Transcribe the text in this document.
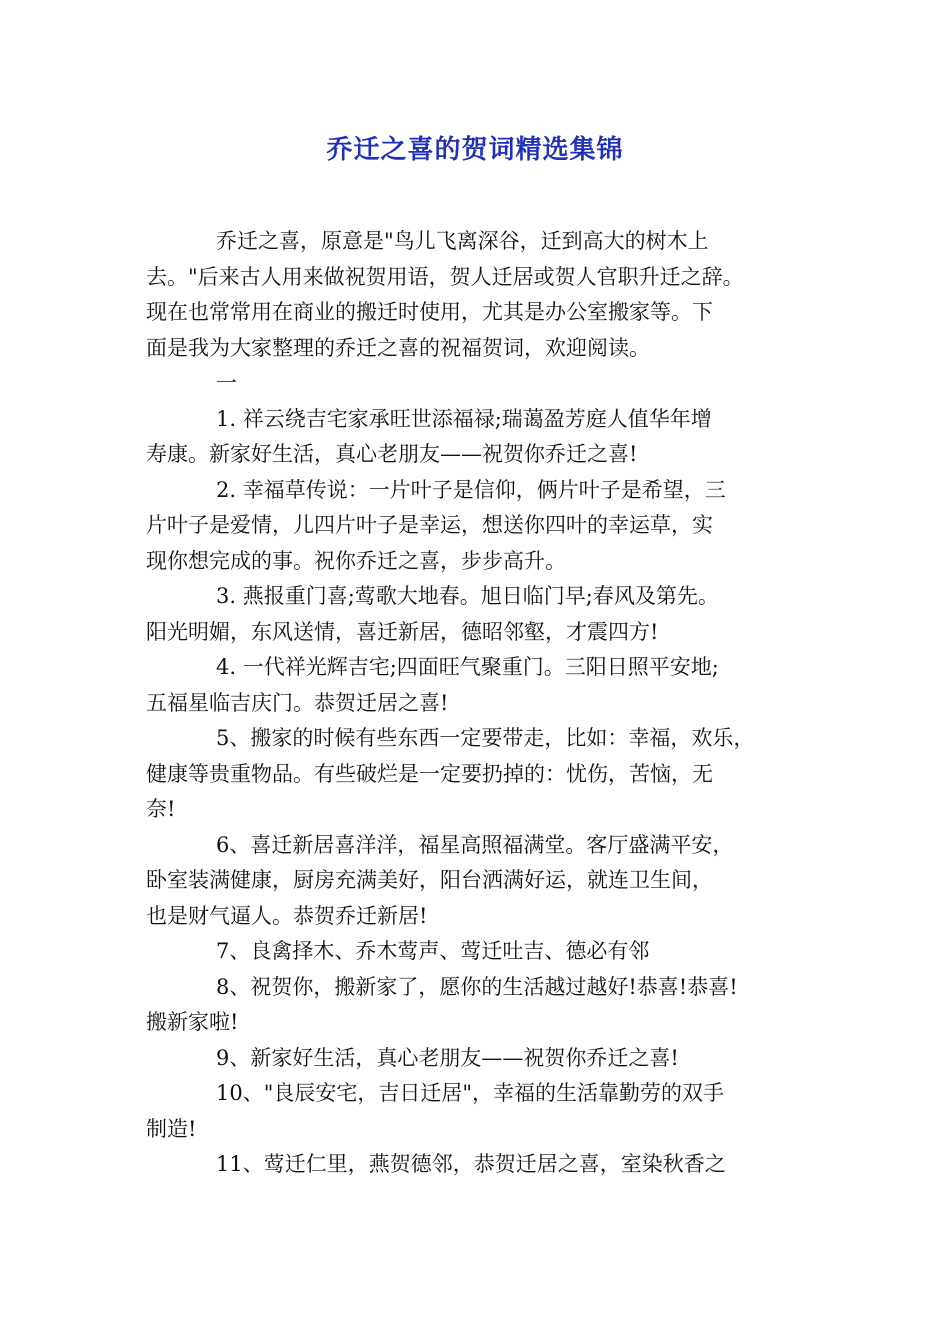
乔迁之喜的贺词精选集锦
乔迁之喜，原意是"鸟儿飞离深谷，迁到高大的树木上
去。"后来古人用来做祝贺用语，贺人迁居或贺人官职升迁之辞。
现在也常常用在商业的搬迁时使用，尤其是办公室搬家等。下
面是我为大家整理的乔迁之喜的祝福贺词，欢迎阅读。
一
1. 祥云绕吉宅家承旺世添福禄;瑞蔼盈芳庭人值华年增
寿康。新家好生活，真心老朋友——祝贺你乔迁之喜!
2. 幸福草传说：一片叶子是信仰，俩片叶子是希望，三
片叶子是爱情，儿四片叶子是幸运，想送你四叶的幸运草，实
现你想完成的事。祝你乔迁之喜，步步高升。
3. 燕报重门喜;莺歌大地春。旭日临门早;春风及第先。
阳光明媚，东风送情，喜迁新居，德昭邻壑，才震四方!
4. 一代祥光辉吉宅;四面旺气聚重门。三阳日照平安地;
五福星临吉庆门。恭贺迁居之喜!
5、搬家的时候有些东西一定要带走，比如：幸福，欢乐，
健康等贵重物品。有些破烂是一定要扔掉的：忧伤，苦恼，无
奈!
6、喜迁新居喜洋洋，福星高照福满堂。客厅盛满平安，
卧室装满健康，厨房充满美好，阳台洒满好运，就连卫生间，
也是财气逼人。恭贺乔迁新居!
7、良禽择木、乔木莺声、莺迁吐吉、德必有邻
8、祝贺你，搬新家了，愿你的生活越过越好!恭喜!恭喜!
搬新家啦!
9、新家好生活，真心老朋友——祝贺你乔迁之喜!
10、"良辰安宅，吉日迁居"，幸福的生活靠勤劳的双手
制造!
11、莺迁仁里，燕贺德邻，恭贺迁居之喜，室染秋香之
